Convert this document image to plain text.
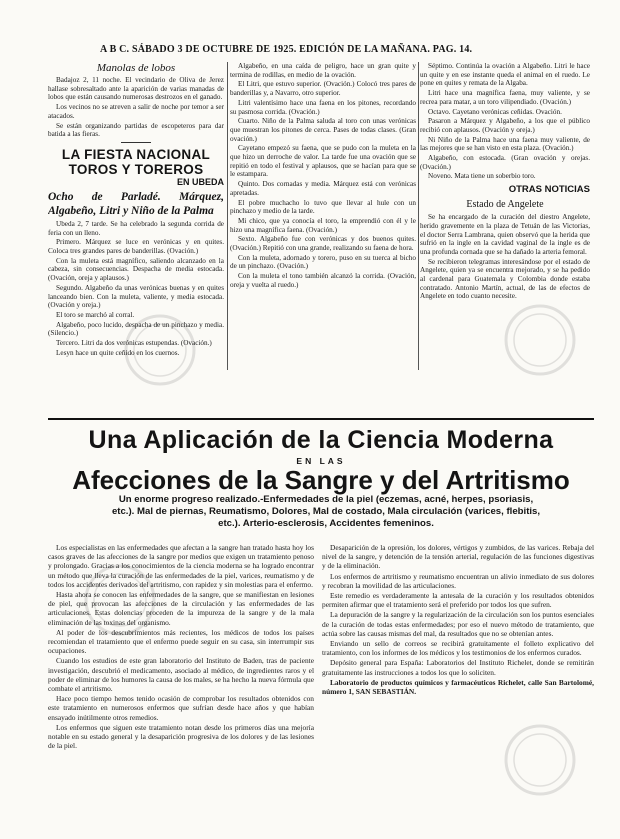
A B C. SÁBADO 3 DE OCTUBRE DE 1925. EDICIÓN DE LA MAÑANA. PAG. 14.
Manolas de lobos

Badajoz 2, 11 noche. El vecindario de Oliva de Jerez hallase sobresaltado ante la aparición de varias manadas de lobos que están causando numerosas destrozos en el ganado.

Los vecinos no se atreven a salir de noche por temor a ser atacados.

Se están organizando partidas de escopeteros para dar batida a las fieras.

LA FIESTA NACIONAL TOROS Y TOREROS
EN UBEDA
Ocho de Parladé. Márquez, Algabeño, Litri y Niño de la Palma

Ubeda 2, 7 tarde. Se ha celebrado la segunda corrida de feria con un lleno.

Primero. Márquez se luce en verónicas y en quites. Coloca tres grandes pares de banderillas. (Ovación.)

Con la muleta está magnífico, saliendo alcanzado en la cabeza, sin consecuencias. Despacha de media estocada. (Ovación, oreja y aplausos.)

Segundo. Algabeño da unas verónicas buenas y en quites lanceando bien. Con la muleta, valiente, y media estocada. (Ovación y oreja.)

El toro se marchó al corral.

Algabeño, poco lucido, despacha de un pinchazo y media. (Silencio.)

Tercero. Litri da dos verónicas estupendas. (Ovación.)

Lesyn hace un quite ceñido en los cuernos.

Algabeño, en una caída de peligro, hace un gran quite y termina de rodillas, en medio de la ovación.

El Litri, que estuvo superior. (Ovación.) Colocó tres pares de banderillas y, a Navarro, otro superior.

Litri valentísimo hace una faena en los pitones, recordando su pasmosa corrida. (Ovación.)

Cuarto. Niño de la Palma saluda al toro con unas verónicas que muestran los pitones de cerca. Pases de todas clases. (Gran ovación.)

Cayetano empezó su faena, que se pudo con la muleta en la que hizo un derroche de valor. La tarde fue una ovación que se repitió en todo el festival y aplausos, que se hacían para que se le estampara.

Quinto. Dos cornadas y media. Márquez está con verónicas apretadas.

El pobre muchacho lo tuvo que llevar al hule con un pinchazo y medio de la tarde.

Mi chico, que ya conocía el toro, la emprendió con él y le hizo una magnífica faena. (Ovación.)

Sexto. Algabeño fue con verónicas y dos buenos quites. (Ovación.) Repitió con una grande, realizando su faena de hora.

Con la muleta, adornado y torero, puso en su tuerca al bicho de un pinchazo. (Ovación.)

Con la muleta el tono también alcanzó la corrida. (Ovación, oreja y vuelta al ruedo.)

Séptimo. Continúa la ovación a Algabeño. Litri le hace un quite y en ese instante queda el animal en el ruedo. Le pone en quites y remata de la Algaba.

Litri hace una magnífica faena, muy valiente, y se recrea para matar, a un toro vilipendiado. (Ovación.)

Octavo. Cayetano verónicas ceñidas. Ovación.

Pasaron a Márquez y Algabeño, a los que el público recibió con aplausos. (Ovación y oreja.)

Ni Niño de la Palma hace una faena muy valiente, de las mejores que se han visto en esta plaza. (Ovación.)

Algabeño, con estocada. (Gran ovación y orejas. (Ovación.)

Noveno. Mata tiene un soberbio toro.

OTRAS NOTICIAS
Estado de Angelete

Se ha encargado de la curación del diestro Angelete, herido gravemente en la plaza de Tetuán de las Victorias, el doctor Serra Lambrana, quien observó que la herida que sufrió en la ingle en la cavidad vaginal de la ingle es de una profunda cornada que se ha dañado la arteria femoral.

Se recibieron telegramas interesándose por el estado de Angelete, quien ya se encuentra mejorado, y se ha pedido al cardenal para Guatemala y Colombia donde estaba contratado. Antonio Martín, actual, de las de efectos de Angelete en todo cuanto necesite.

Una Aplicación de la Ciencia Moderna
EN LAS
Afecciones de la Sangre y del Artritismo
Un enorme progreso realizado.-Enfermedades de la piel (eczemas, acné, herpes, psoriasis, etc.). Mal de piernas, Reumatismo, Dolores, Mal de costado, Mala circulación (varices, flebitis, etc.). Arterio-esclerosis, Accidentes femeninos.

Los especialistas en las enfermedades que afectan a la sangre han tratado hasta hoy los casos graves de las afecciones de la sangre por medios que exigen un tratamiento penoso y prolongado. Gracias a los conocimientos de la ciencia moderna se ha logrado encontrar un método que lleva la curación de las enfermedades de la piel, varices, reumatismo y de todos los accidentes derivados del artritismo, con rapidez y sin molestias para el enfermo.

Hasta ahora se conocen las enfermedades de la sangre, que se manifiestan en lesiones de piel, que provocan las afecciones de la circulación y las enfermedades de las articulaciones. Estas dolencias proceden de la impureza de la sangre y de la mala eliminación de las toxinas del organismo.

Al poder de los descubrimientos más recientes, los médicos de todos los países recomiendan el tratamiento que el enfermo puede seguir en su casa, sin interrumpir sus ocupaciones.

Cuando los estudios de este gran laboratorio del Instituto de Baden, tras de paciente investigación, descubrió el medicamento, asociado al médico, de ingredientes raros y el poder de eliminar de los humores la causa de los males, se ha hecho la nueva fórmula que combate el artritismo.

Hace poco tiempo hemos tenido ocasión de comprobar los resultados obtenidos con este tratamiento en numerosos enfermos que sufrían desde hace años y que habían ensayado inútilmente otros remedios.

Los enfermos que siguen este tratamiento notan desde los primeros días una mejoría notable en su estado general y la desaparición progresiva de los dolores y de las lesiones de la piel.

Desaparición de la opresión, los dolores, vértigos y zumbidos, de las varices. Rebaja del nivel de la sangre, y detención de la tensión arterial, regulación de las funciones digestivas y de la eliminación.

Los enfermos de artritismo y reumatismo encuentran un alivio inmediato de sus dolores y recobran la movilidad de las articulaciones.

Este remedio es verdaderamente la antesala de la curación y los resultados obtenidos permiten afirmar que el tratamiento será el preferido por todos los que sufren.

La depuración de la sangre y la regularización de la circulación son los puntos esenciales de la curación de todas estas enfermedades; por eso el nuevo método de tratamiento, que actúa sobre las causas mismas del mal, da resultados que no se obtenían antes.

Enviando un sello de correos se recibirá gratuitamente el folleto explicativo del tratamiento, con los informes de los médicos y los testimonios de los enfermos curados.

Depósito general para España: Laboratorios del Instituto Richelet, donde se remitirán gratuitamente las instrucciones a todos los que lo soliciten.

Laboratorio de productos químicos y farmacéuticos Richelet, calle San Bartolomé, número 1, SAN SEBASTIÁN.
